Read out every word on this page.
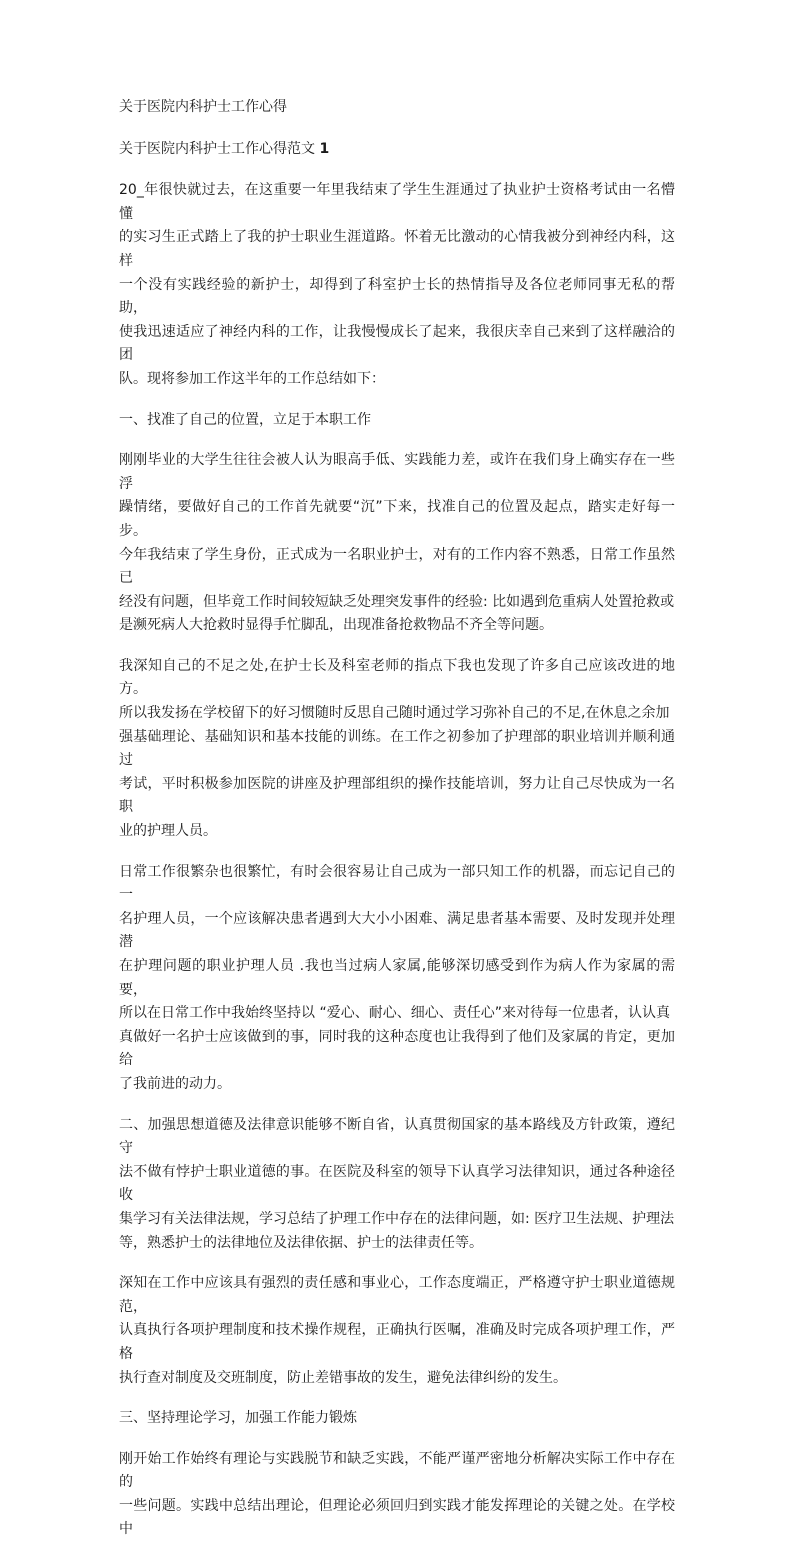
关于医院内科护士工作心得
关于医院内科护士工作心得范文 1
20_年很快就过去，在这重要一年里我结束了学生生涯通过了执业护士资格考试由一名懵懂
的实习生正式踏上了我的护士职业生涯道路。怀着无比激动的心情我被分到神经内科，这样
一个没有实践经验的新护士，却得到了科室护士长的热情指导及各位老师同事无私的帮助，
使我迅速适应了神经内科的工作，让我慢慢成长了起来，我很庆幸自己来到了这样融洽的团
队。现将参加工作这半年的工作总结如下：
一、找准了自己的位置，立足于本职工作
刚刚毕业的大学生往往会被人认为眼高手低、实践能力差，或许在我们身上确实存在一些浮
躁情绪，要做好自己的工作首先就要“沉”下来，找准自己的位置及起点，踏实走好每一步。
今年我结束了学生身份，正式成为一名职业护士，对有的工作内容不熟悉，日常工作虽然已
经没有问题，但毕竟工作时间较短缺乏处理突发事件的经验: 比如遇到危重病人处置抢救或
是濒死病人大抢救时显得手忙脚乱，出现准备抢救物品不齐全等问题。
我深知自己的不足之处,在护士长及科室老师的指点下我也发现了许多自己应该改进的地方。
所以我发扬在学校留下的好习惯随时反思自己随时通过学习弥补自己的不足,在休息之余加
强基础理论、基础知识和基本技能的训练。在工作之初参加了护理部的职业培训并顺利通过
考试，平时积极参加医院的讲座及护理部组织的操作技能培训，努力让自己尽快成为一名职
业的护理人员。
日常工作很繁杂也很繁忙，有时会很容易让自己成为一部只知工作的机器，而忘记自己的一
名护理人员，一个应该解决患者遇到大大小小困难、满足患者基本需要、及时发现并处理潜
在护理问题的职业护理人员 .我也当过病人家属,能够深切感受到作为病人作为家属的需要，
所以在日常工作中我始终坚持以 “爱心、耐心、细心、责任心”来对待每一位患者，认认真
真做好一名护士应该做到的事，同时我的这种态度也让我得到了他们及家属的肯定，更加给
了我前进的动力。
二、加强思想道德及法律意识能够不断自省，认真贯彻国家的基本路线及方针政策，遵纪守
法不做有悖护士职业道德的事。在医院及科室的领导下认真学习法律知识，通过各种途径收
集学习有关法律法规，学习总结了护理工作中存在的法律问题，如: 医疗卫生法规、护理法
等，熟悉护士的法律地位及法律依据、护士的法律责任等。
深知在工作中应该具有强烈的责任感和事业心，工作态度端正，严格遵守护士职业道德规范，
认真执行各项护理制度和技术操作规程，正确执行医嘱，准确及时完成各项护理工作，严格
执行查对制度及交班制度，防止差错事故的发生，避免法律纠纷的发生。
三、坚持理论学习，加强工作能力锻炼
刚开始工作始终有理论与实践脱节和缺乏实践，不能严谨严密地分析解决实际工作中存在的
一些问题。实践中总结出理论，但理论必须回归到实践才能发挥理论的关键之处。在学校中
